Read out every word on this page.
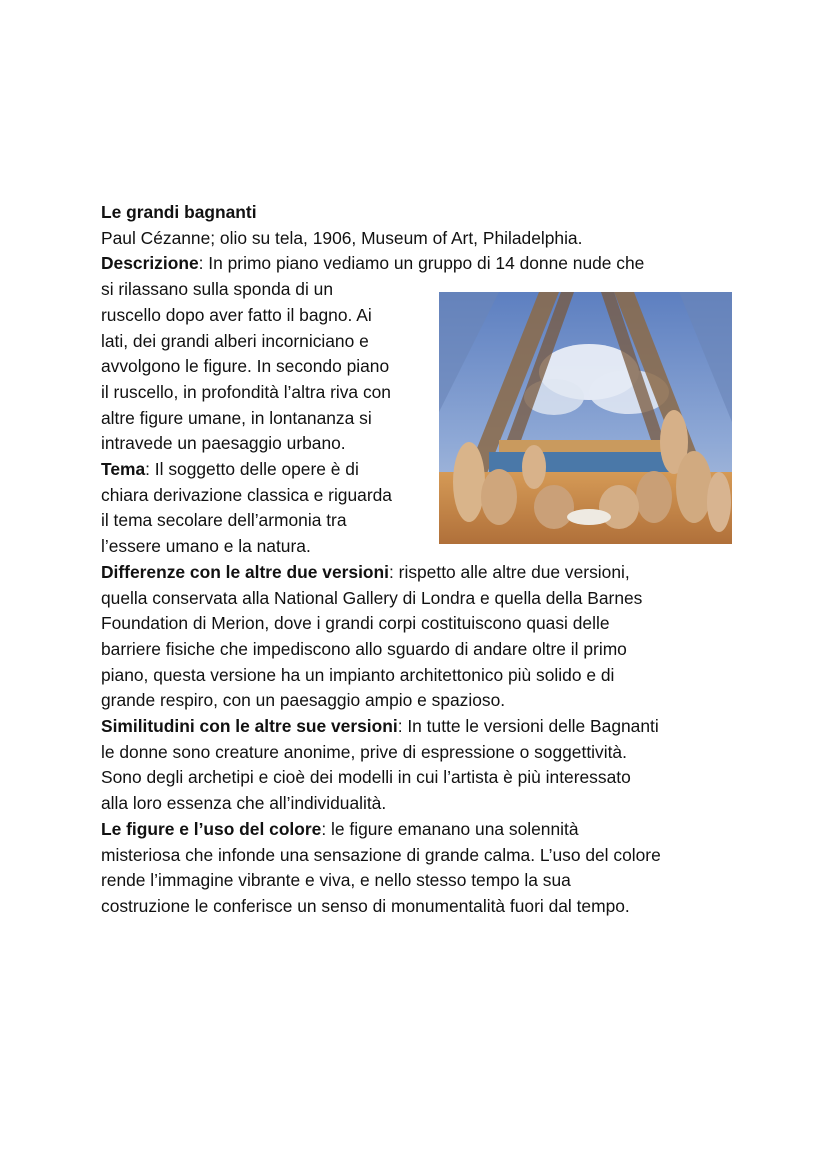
Le grandi bagnanti
Paul Cézanne; olio su tela, 1906, Museum of Art, Philadelphia.
Descrizione: In primo piano vediamo un gruppo di 14 donne nude che
si rilassano sulla sponda di un
ruscello dopo aver fatto il bagno. Ai
lati, dei grandi alberi incorniciano e
avvolgono le figure. In secondo piano
il ruscello, in profondità l’altra riva con
altre figure umane, in lontananza si
intravede un paesaggio urbano.
Tema: Il soggetto delle opere è di
chiara derivazione classica e riguarda
il tema secolare dell’armonia tra
l’essere umano e la natura.
Differenze con le altre due versioni: rispetto alle altre due versioni,
quella conservata alla National Gallery di Londra e quella della Barnes
Foundation di Merion, dove i grandi corpi costituiscono quasi delle
barriere fisiche che impediscono allo sguardo di andare oltre il primo
piano, questa versione ha un impianto architettonico più solido e di
grande respiro, con un paesaggio ampio e spazioso.
Similitudini con le altre sue versioni: In tutte le versioni delle Bagnanti
le donne sono creature anonime, prive di espressione o soggettività.
Sono degli archetipi e cioè dei modelli in cui l’artista è più interessato
alla loro essenza che all’individualità.
Le figure e l’uso del colore: le figure emanano una solennità
misteriosa che infonde una sensazione di grande calma. L’uso del colore
rende l’immagine vibrante e viva, e nello stesso tempo la sua
costruzione le conferisce un senso di monumentalità fuori dal tempo.
